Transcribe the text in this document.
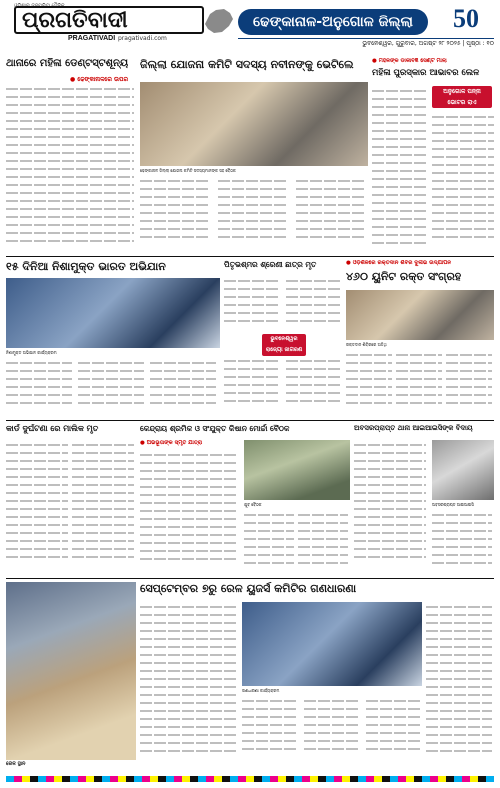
ପ୍ରଗତିବାଦୀ
PRAGATIVADI pragativadi.com
ଢେଙ୍କାନାଳ-ଅନୁଗୋଳ ଜିଲ୍ଲା	50
ଭୁବନେଶ୍ୱର, ଗୁରୁବାର, ଅଗଷ୍ଟ ୨୮ ୨୦୨୫ | ପୃଷ୍ଠା : ୧୦
ଥାନାରେ ମହିଳା ଡେଣ୍ଟସ୍ଟଶୂନ୍ୟ
● ଢେଙ୍କାନାଳରେ ଉପର
ଜିଲ୍ଲା ଯୋଜନା କମିଟି ସଦସ୍ୟ ନବୀନଙ୍କୁ ଭେଟିଲେ
ଢେଙ୍କାନାଳ ଜିଲ୍ଲା ଯୋଜନା କମିଟି ସଦସ୍ୟମାନଙ୍କ ସହ ବୈଠକ
● ମହିଳଙ୍କ ଡାକୀବିଜ୍ଞ ସେଣ୍ଟ ମାଲା
ମହିଳା ପୁରସ୍କାର ଆଭାବର ଲେଳ
ଅନୁଗୋଳ ପନ୍ନା ଭୋଟର ରାଏ
୧୫ ଦିନିଆ ନିଶାମୁକ୍ତ ଭାରତ ଅଭିଯାନ
ନିଶାମୁକ୍ତ ଅଭିଯାନ କାର୍ଯ୍ୟକ୍ରମ
ପିତୃଭଶ୍ମର ଶ୍ରେଣୀ ଛାତ୍ର ମୃତ
ଭୁବନେଶ୍ୱର ରାଜ୍ୟୋ ଜାଗରଣ
● ଓଡ଼ିଶିଳରେ ରକ୍ତଦାନ ଶିବିର ଦୁର୍ଲଭ ଉଦ୍ଯାପନ
୪୬୦ ୟୁନିଟ ରକ୍ତ ସଂଗ୍ରହ
ରକ୍ତଦାନ ଶିବିରରେ ଅତିଥି
କାର୍ଡ ଦୁର୍ଘଟଣା ରେ ମାଲିକ ମୃତ	କେନ୍ଦ୍ରାୟ ଶ୍ରମିକ ଓ ସଂଯୁକ୍ତ କିଷାନ ମୋର୍ଚ୍ଚା ବୈଠକ
● ଅଭିଭୂତାଙ୍କ ସ୍ମୃତି ଯାତ୍ରା
ଯୁବ ବୈଠକ
ଅବସରପ୍ରାପ୍ତ ଥାନା ଆଇଆଇସିଙ୍କ ବିଦାୟ
ଅବସରପ୍ରାପ୍ତ ଆଇଆଇସି
ସେପ୍ଟେମ୍ବର ୭ରୁ ରେଳ ୟୁଜର୍ସ କମିଟିର ଗଣଧାରଣା
ରେଳ ସ୍ଥାନ
ଗଣଧାରଣା କାର୍ଯ୍ୟକ୍ରମ
